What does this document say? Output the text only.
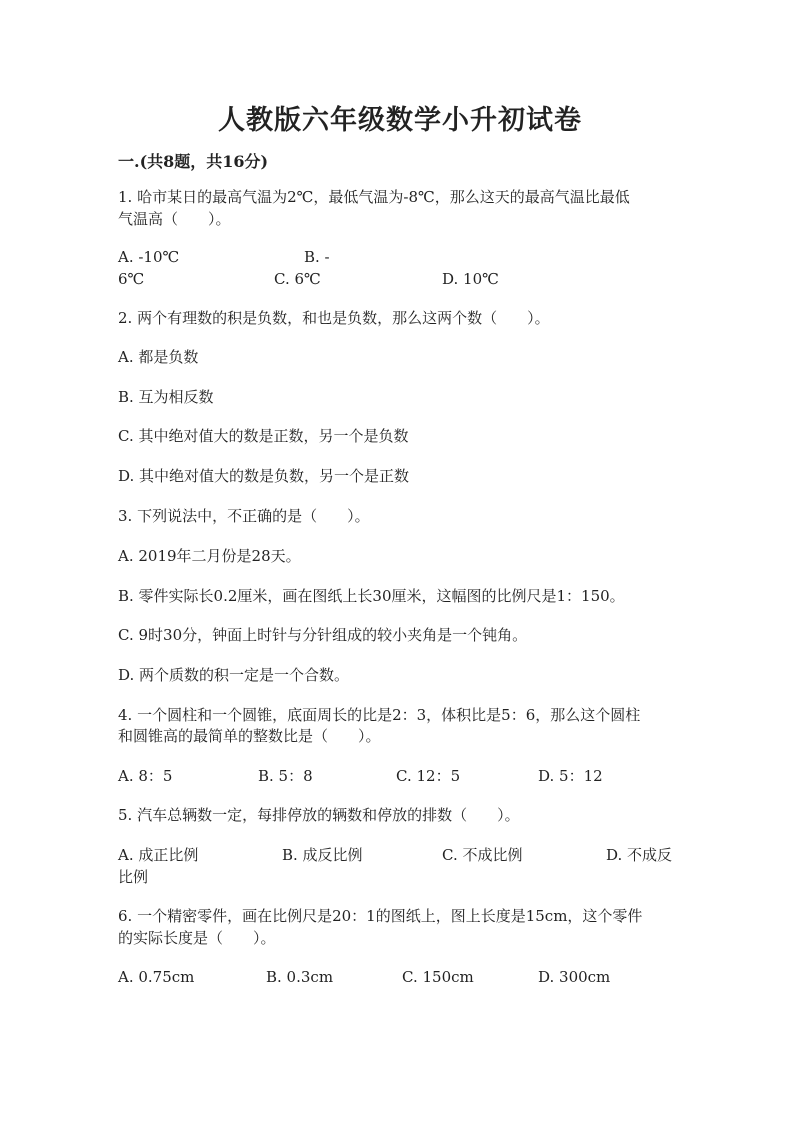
人教版六年级数学小升初试卷
一.(共8题，共16分)
1. 哈市某日的最高气温为2℃，最低气温为-8℃，那么这天的最高气温比最低
气温高（　　）。
A. -10℃	B. -
6℃	C. 6℃	D. 10℃
2. 两个有理数的积是负数，和也是负数，那么这两个数（　　）。
A. 都是负数
B. 互为相反数
C. 其中绝对值大的数是正数，另一个是负数
D. 其中绝对值大的数是负数，另一个是正数
3. 下列说法中，不正确的是（　　）。
A. 2019年二月份是28天。
B. 零件实际长0.2厘米，画在图纸上长30厘米，这幅图的比例尺是1：150。
C. 9时30分，钟面上时针与分针组成的较小夹角是一个钝角。
D. 两个质数的积一定是一个合数。
4. 一个圆柱和一个圆锥，底面周长的比是2：3，体积比是5：6，那么这个圆柱
和圆锥高的最简单的整数比是（　　）。
A. 8：5	B. 5：8	C. 12：5	D. 5：12
5. 汽车总辆数一定，每排停放的辆数和停放的排数（　　）。
A. 成正比例	B. 成反比例	C. 不成比例	D. 不成反
比例
6. 一个精密零件，画在比例尺是20：1的图纸上，图上长度是15cm，这个零件
的实际长度是（　　）。
A. 0.75cm	B. 0.3cm	C. 150cm	D. 300cm
